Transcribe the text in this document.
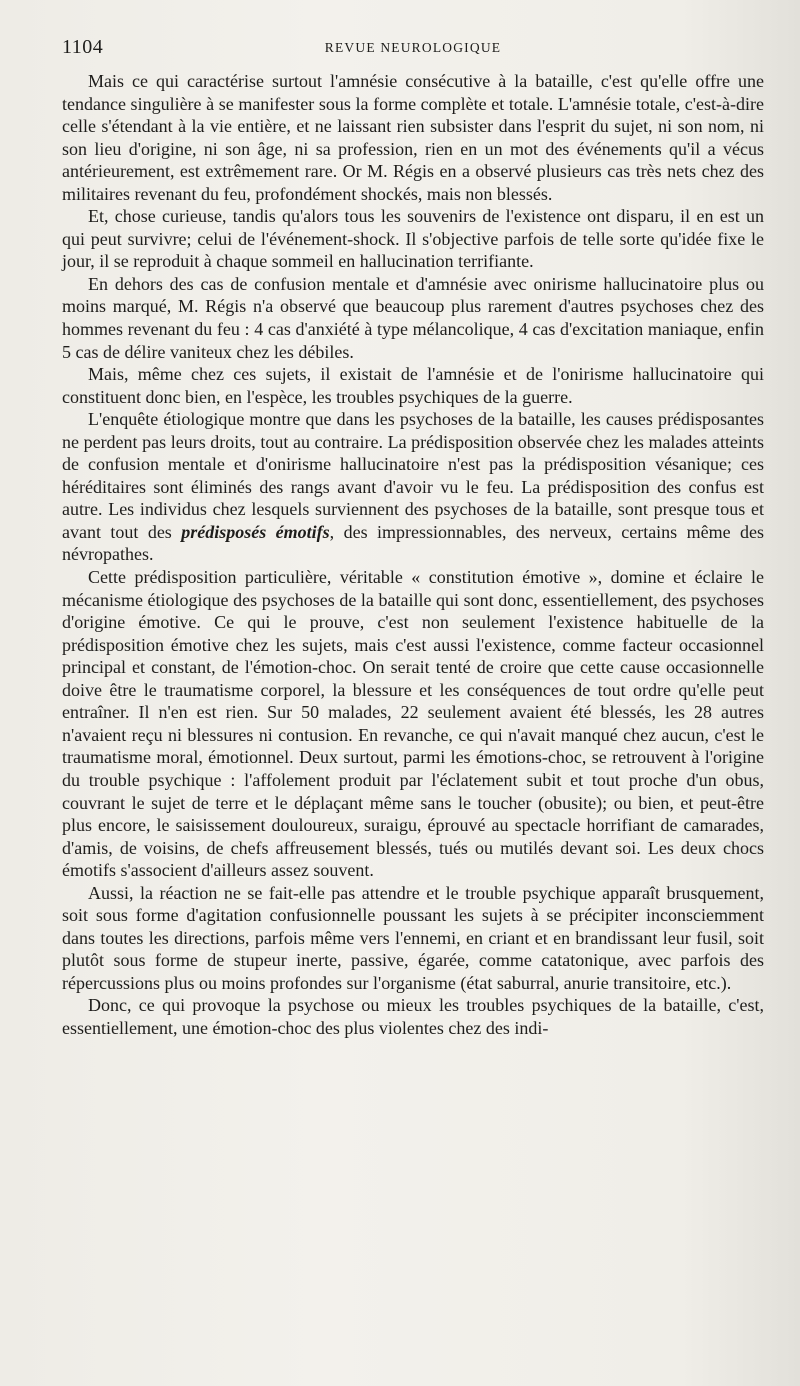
1104	REVUE NEUROLOGIQUE

Mais ce qui caractérise surtout l'amnésie consécutive à la bataille, c'est qu'elle offre une tendance singulière à se manifester sous la forme complète et totale. L'amnésie totale, c'est-à-dire celle s'étendant à la vie entière, et ne laissant rien subsister dans l'esprit du sujet, ni son nom, ni son lieu d'origine, ni son âge, ni sa profession, rien en un mot des événements qu'il a vécus antérieurement, est extrêmement rare. Or M. Régis en a observé plusieurs cas très nets chez des militaires revenant du feu, profondément shockés, mais non blessés.

Et, chose curieuse, tandis qu'alors tous les souvenirs de l'existence ont disparu, il en est un qui peut survivre; celui de l'événement-shock. Il s'objective parfois de telle sorte qu'idée fixe le jour, il se reproduit à chaque sommeil en hallucination terrifiante.

En dehors des cas de confusion mentale et d'amnésie avec onirisme hallucinatoire plus ou moins marqué, M. Régis n'a observé que beaucoup plus rarement d'autres psychoses chez des hommes revenant du feu : 4 cas d'anxiété à type mélancolique, 4 cas d'excitation maniaque, enfin 5 cas de délire vaniteux chez les débiles.

Mais, même chez ces sujets, il existait de l'amnésie et de l'onirisme hallucinatoire qui constituent donc bien, en l'espèce, les troubles psychiques de la guerre.

L'enquête étiologique montre que dans les psychoses de la bataille, les causes prédisposantes ne perdent pas leurs droits, tout au contraire. La prédisposition observée chez les malades atteints de confusion mentale et d'onirisme hallucinatoire n'est pas la prédisposition vésanique; ces héréditaires sont éliminés des rangs avant d'avoir vu le feu. La prédisposition des confus est autre. Les individus chez lesquels surviennent des psychoses de la bataille, sont presque tous et avant tout des prédisposés émotifs, des impressionnables, des nerveux, certains même des névropathes.

Cette prédisposition particulière, véritable « constitution émotive », domine et éclaire le mécanisme étiologique des psychoses de la bataille qui sont donc, essentiellement, des psychoses d'origine émotive. Ce qui le prouve, c'est non seulement l'existence habituelle de la prédisposition émotive chez les sujets, mais c'est aussi l'existence, comme facteur occasionnel principal et constant, de l'émotion-choc. On serait tenté de croire que cette cause occasionnelle doive être le traumatisme corporel, la blessure et les conséquences de tout ordre qu'elle peut entraîner. Il n'en est rien. Sur 50 malades, 22 seulement avaient été blessés, les 28 autres n'avaient reçu ni blessures ni contusion. En revanche, ce qui n'avait manqué chez aucun, c'est le traumatisme moral, émotionnel. Deux surtout, parmi les émotions-choc, se retrouvent à l'origine du trouble psychique : l'affolement produit par l'éclatement subit et tout proche d'un obus, couvrant le sujet de terre et le déplaçant même sans le toucher (obusite); ou bien, et peut-être plus encore, le saisissement douloureux, suraigu, éprouvé au spectacle horrifiant de camarades, d'amis, de voisins, de chefs affreusement blessés, tués ou mutilés devant soi. Les deux chocs émotifs s'associent d'ailleurs assez souvent.

Aussi, la réaction ne se fait-elle pas attendre et le trouble psychique apparaît brusquement, soit sous forme d'agitation confusionnelle poussant les sujets à se précipiter inconsciemment dans toutes les directions, parfois même vers l'ennemi, en criant et en brandissant leur fusil, soit plutôt sous forme de stupeur inerte, passive, égarée, comme catatonique, avec parfois des répercussions plus ou moins profondes sur l'organisme (état saburral, anurie transitoire, etc.).

Donc, ce qui provoque la psychose ou mieux les troubles psychiques de la bataille, c'est, essentiellement, une émotion-choc des plus violentes chez des indi-
